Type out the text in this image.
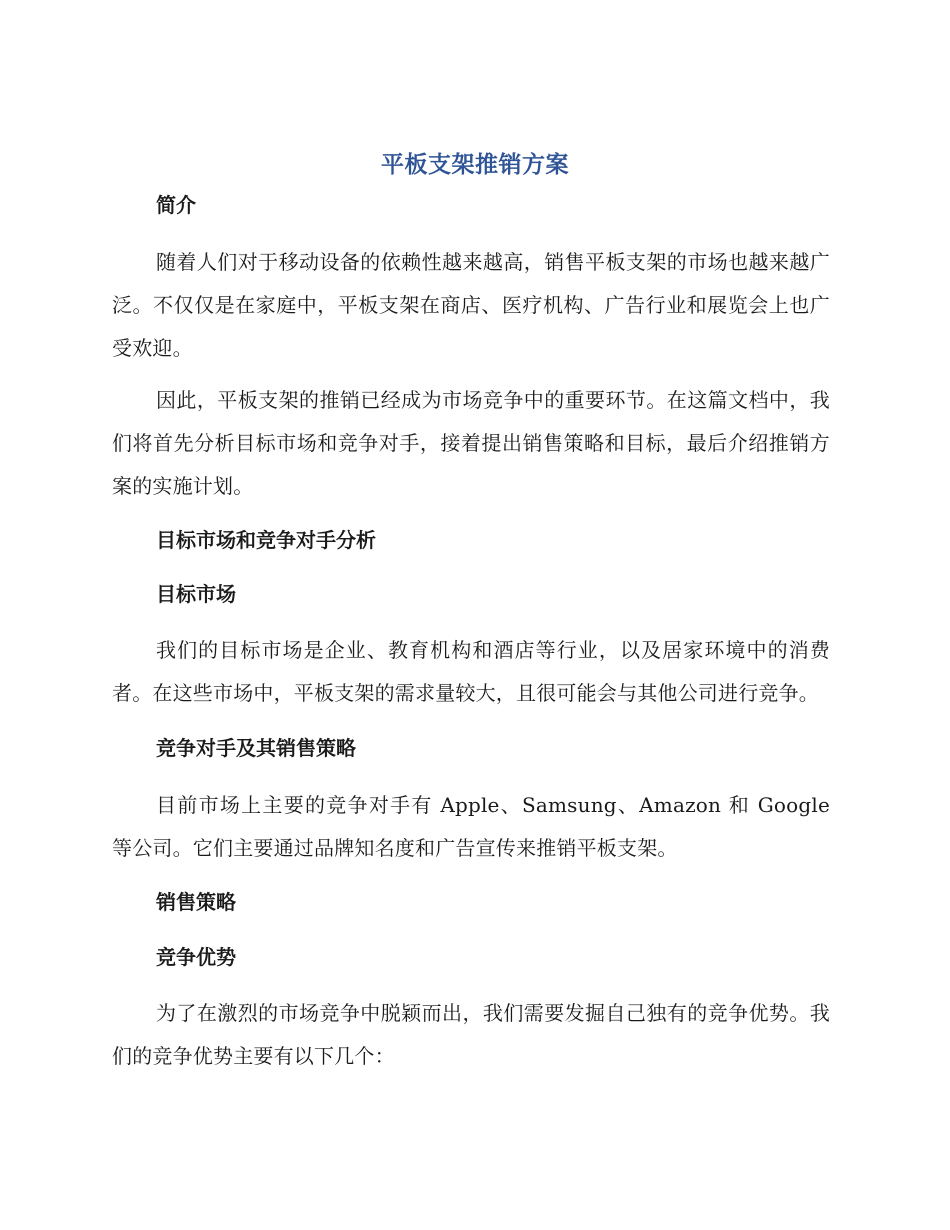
平板支架推销方案

简介

随着人们对于移动设备的依赖性越来越高，销售平板支架的市场也越来越广泛。不仅仅是在家庭中，平板支架在商店、医疗机构、广告行业和展览会上也广受欢迎。

因此，平板支架的推销已经成为市场竞争中的重要环节。在这篇文档中，我们将首先分析目标市场和竞争对手，接着提出销售策略和目标，最后介绍推销方案的实施计划。

目标市场和竞争对手分析

目标市场

我们的目标市场是企业、教育机构和酒店等行业，以及居家环境中的消费者。在这些市场中，平板支架的需求量较大，且很可能会与其他公司进行竞争。

竞争对手及其销售策略

目前市场上主要的竞争对手有 Apple、Samsung、Amazon 和 Google 等公司。它们主要通过品牌知名度和广告宣传来推销平板支架。

销售策略

竞争优势

为了在激烈的市场竞争中脱颖而出，我们需要发掘自己独有的竞争优势。我们的竞争优势主要有以下几个：
